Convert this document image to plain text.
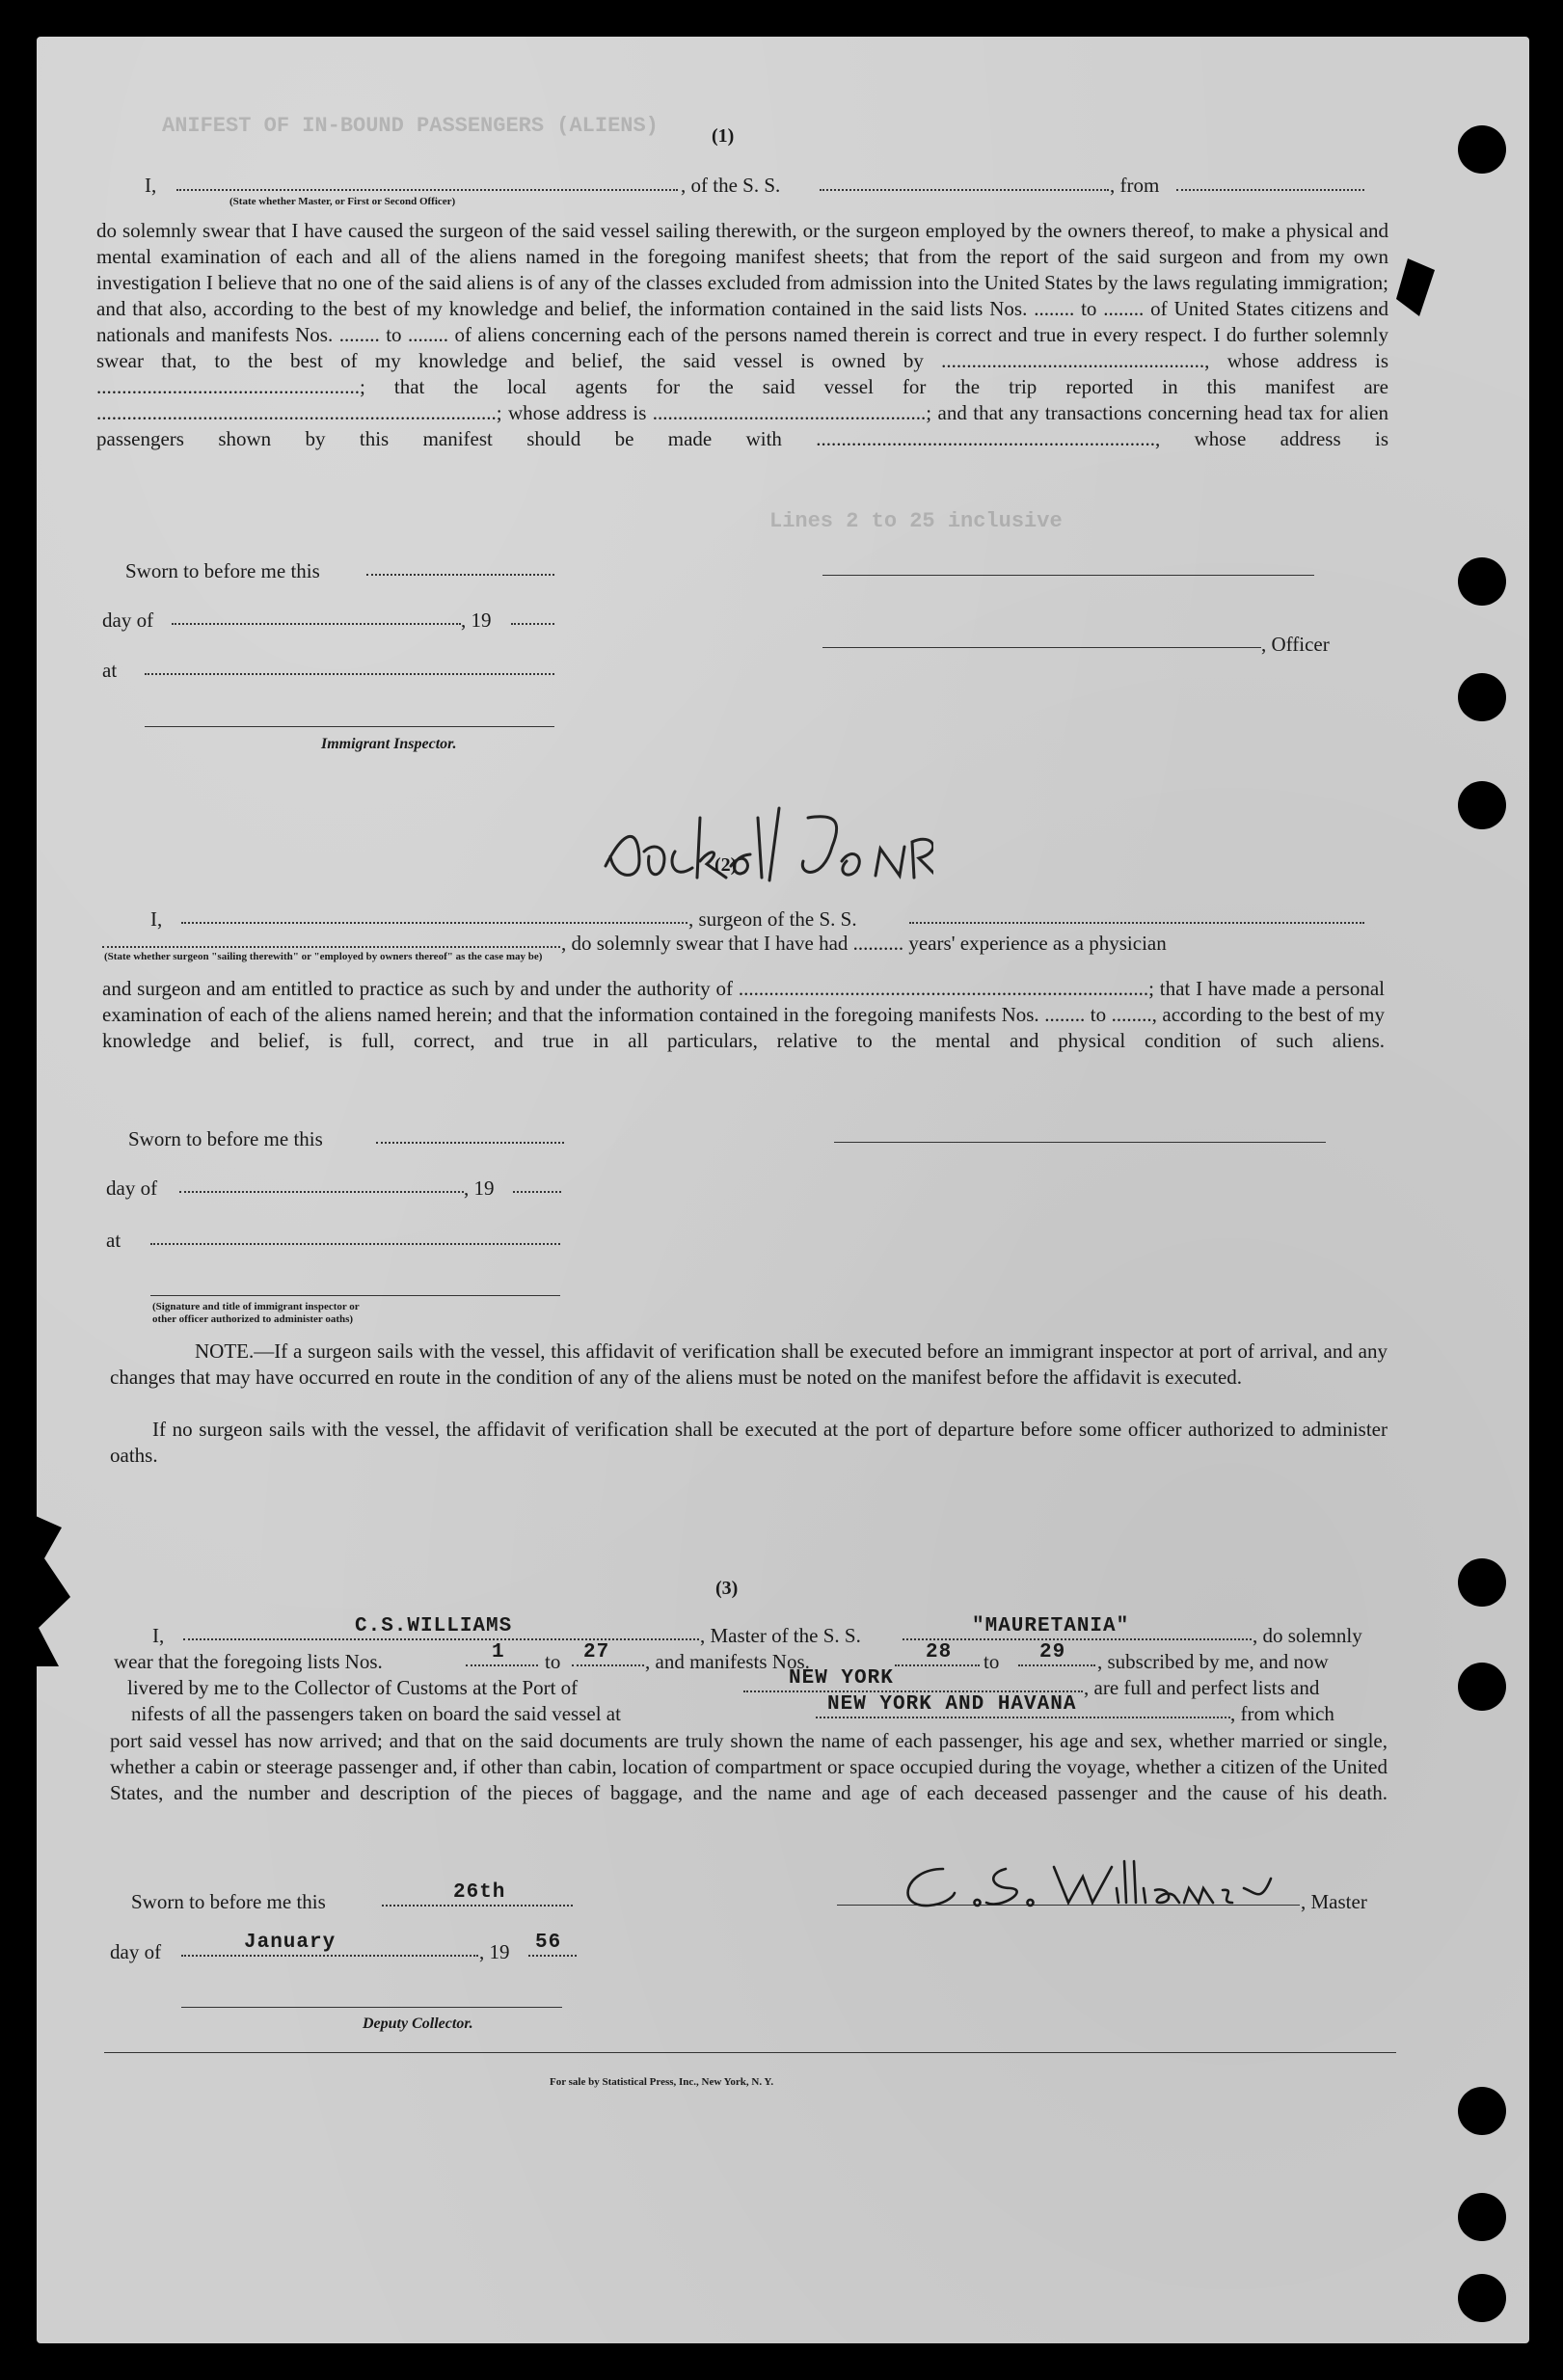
ANIFEST OF IN-BOUND PASSENGERS (ALIENS)
Lines 2 to 25 inclusive
(1)
I,	, of the S. S.	, from
(State whether Master, or First or Second Officer)
do solemnly swear that I have caused the surgeon of the said vessel sailing therewith, or the surgeon employed by the owners thereof, to make a physical and mental examination of each and all of the aliens named in the foregoing manifest sheets; that from the report of the said surgeon and from my own investigation I believe that no one of the said aliens is of any of the classes excluded from admission into the United States by the laws regulating immigration; and that also, according to the best of my knowledge and belief, the information contained in the said lists Nos. ........ to ........ of United States citizens and nationals and manifests Nos. ........ to ........ of aliens concerning each of the persons named therein is correct and true in every respect. I do further solemnly swear that, to the best of my knowledge and belief, the said vessel is owned by ...................................................., whose address is ....................................................; that the local agents for the said vessel for the trip reported in this manifest are ...............................................................................; whose address is ......................................................; and that any transactions concerning head tax for alien passengers shown by this manifest should be made with ..................................................................., whose address is
Sworn to before me this
day of	, 19
, Officer
at
Immigrant Inspector.
(2)
I,	, surgeon of the S. S.
, do solemnly swear that I have had .......... years' experience as a physician
(State whether surgeon "sailing therewith" or "employed by owners thereof" as the case may be)
and surgeon and am entitled to practice as such by and under the authority of .................................................................................; that I have made a personal examination of each of the aliens named herein; and that the information contained in the foregoing manifests Nos. ........ to ........, according to the best of my knowledge and belief, is full, correct, and true in all particulars, relative to the mental and physical condition of such aliens.
Sworn to before me this
day of	, 19
at
(Signature and title of immigrant inspector or
other officer authorized to administer oaths)
NOTE.—If a surgeon sails with the vessel, this affidavit of verification shall be executed before an immigrant inspector at port of arrival, and any changes that may have occurred en route in the condition of any of the aliens must be noted on the manifest before the affidavit is executed.
If no surgeon sails with the vessel, the affidavit of verification shall be executed at the port of departure before some officer authorized to administer oaths.
(3)
I,	C.S.WILLIAMS	, Master of the S. S.	"MAURETANIA"	, do solemnly
wear that the foregoing lists Nos.	1 to 27 , and manifests Nos.	28 to 29 , subscribed by me, and now
livered by me to the Collector of Customs at the Port of	NEW YORK	, are full and perfect lists and
nifests of all the passengers taken on board the said vessel at	NEW YORK AND HAVANA	, from which
port said vessel has now arrived; and that on the said documents are truly shown the name of each passenger, his age and sex, whether married or single, whether a cabin or steerage passenger and, if other than cabin, location of compartment or space occupied during the voyage, whether a citizen of the United States, and the number and description of the pieces of baggage, and the name and age of each deceased passenger and the cause of his death.
Sworn to before me this	26th	, Master
day of	January	, 19 56
Deputy Collector.
For sale by Statistical Press, Inc., New York, N. Y.
